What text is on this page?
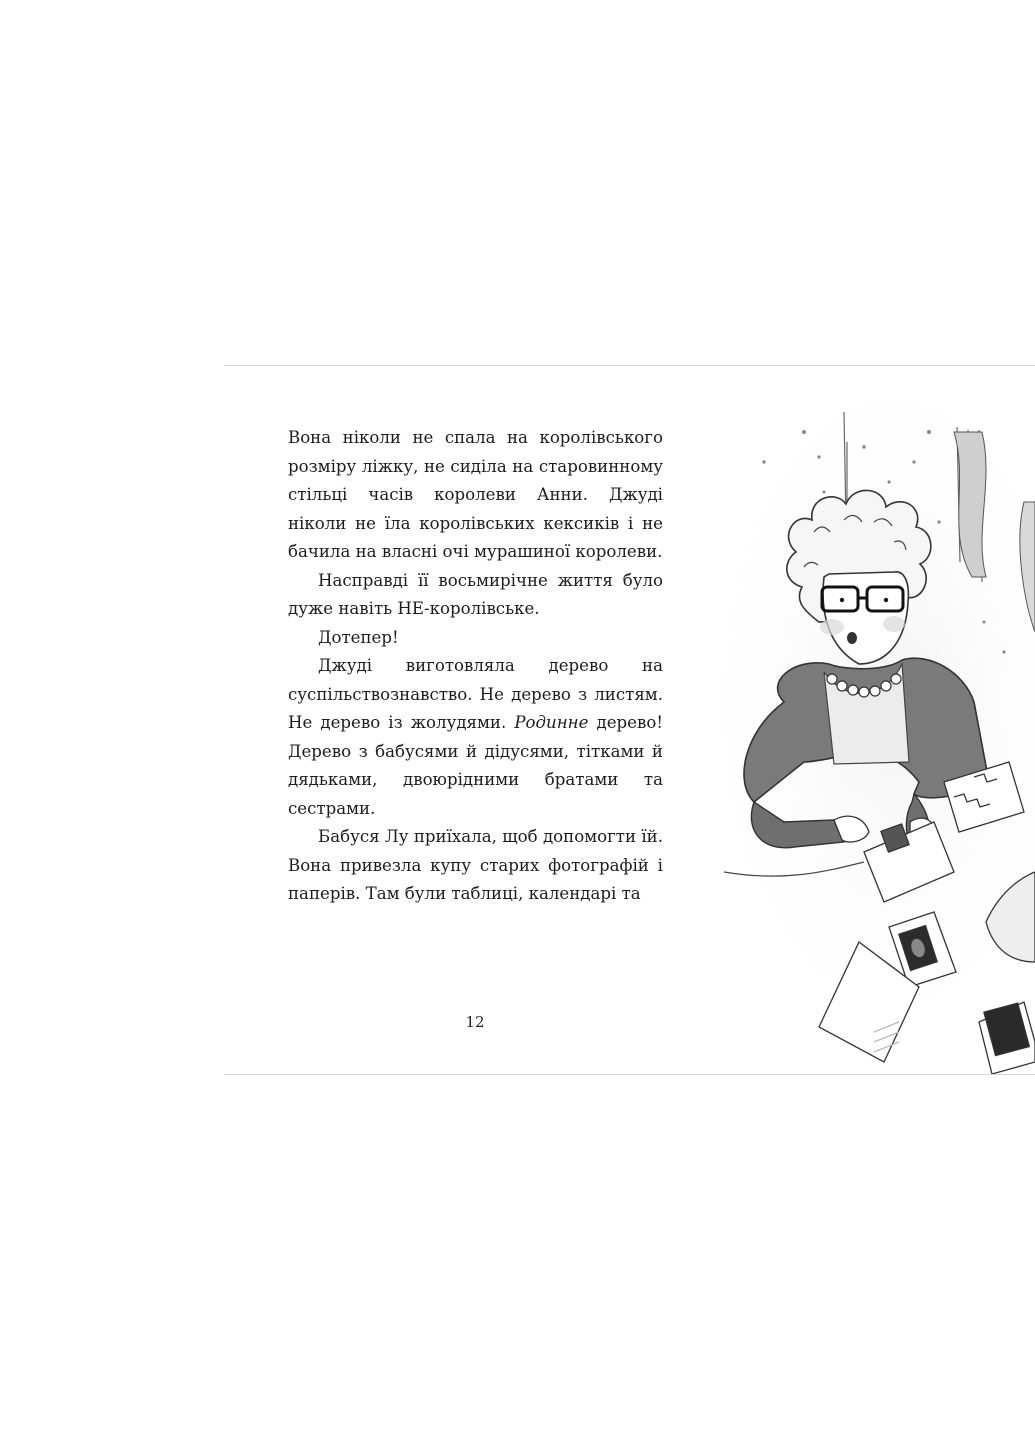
Вона ніколи не спала на королівського розміру ліжку, не сиділа на старовинному стільці часів королеви Анни. Джуді ніколи не їла королівських кексиків і не бачила на власні очі мурашиної королеви.

Насправді її восьмирічне життя було дуже навіть НЕ-королівське.

Дотепер!

Джуді виготовляла дерево на суспільствознавство. Не дерево з листям. Не дерево із жолудями. Родинне дерево! Дерево з бабусями й дідусями, тітками й дядьками, двоюрідними братами та сестрами.

Бабуся Лу приїхала, щоб допомогти їй. Вона привезла купу старих фотографій і паперів. Там були таблиці, календарі та

12
